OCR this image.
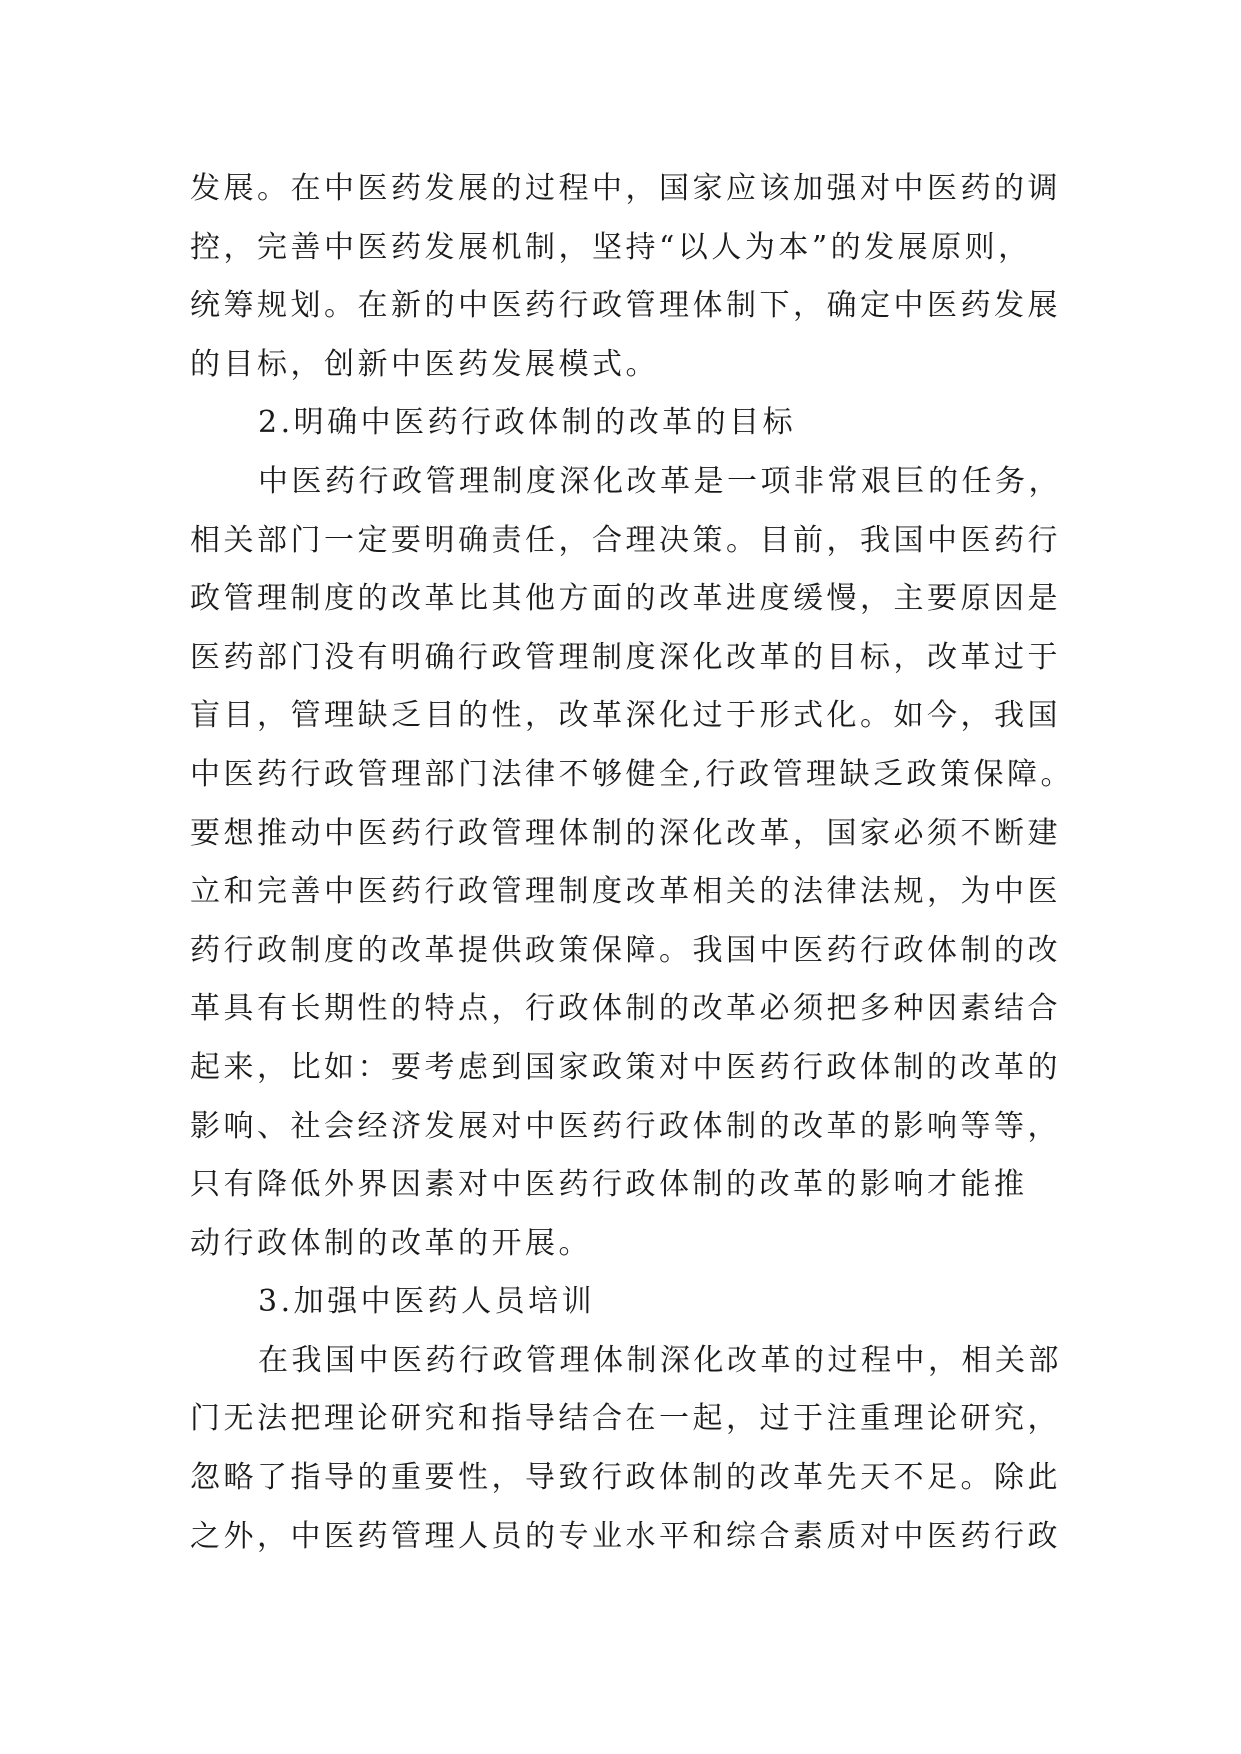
发展。在中医药发展的过程中，国家应该加强对中医药的调
控，完善中医药发展机制，坚持“以人为本”的发展原则，
统筹规划。在新的中医药行政管理体制下，确定中医药发展
的目标，创新中医药发展模式。
2.明确中医药行政体制的改革的目标
中医药行政管理制度深化改革是一项非常艰巨的任务，
相关部门一定要明确责任，合理决策。目前，我国中医药行
政管理制度的改革比其他方面的改革进度缓慢，主要原因是
医药部门没有明确行政管理制度深化改革的目标，改革过于
盲目，管理缺乏目的性，改革深化过于形式化。如今，我国
中医药行政管理部门法律不够健全,行政管理缺乏政策保障。
要想推动中医药行政管理体制的深化改革，国家必须不断建
立和完善中医药行政管理制度改革相关的法律法规，为中医
药行政制度的改革提供政策保障。我国中医药行政体制的改
革具有长期性的特点，行政体制的改革必须把多种因素结合
起来，比如：要考虑到国家政策对中医药行政体制的改革的
影响、社会经济发展对中医药行政体制的改革的影响等等，
只有降低外界因素对中医药行政体制的改革的影响才能推
动行政体制的改革的开展。
3.加强中医药人员培训
在我国中医药行政管理体制深化改革的过程中，相关部
门无法把理论研究和指导结合在一起，过于注重理论研究，
忽略了指导的重要性，导致行政体制的改革先天不足。除此
之外，中医药管理人员的专业水平和综合素质对中医药行政
